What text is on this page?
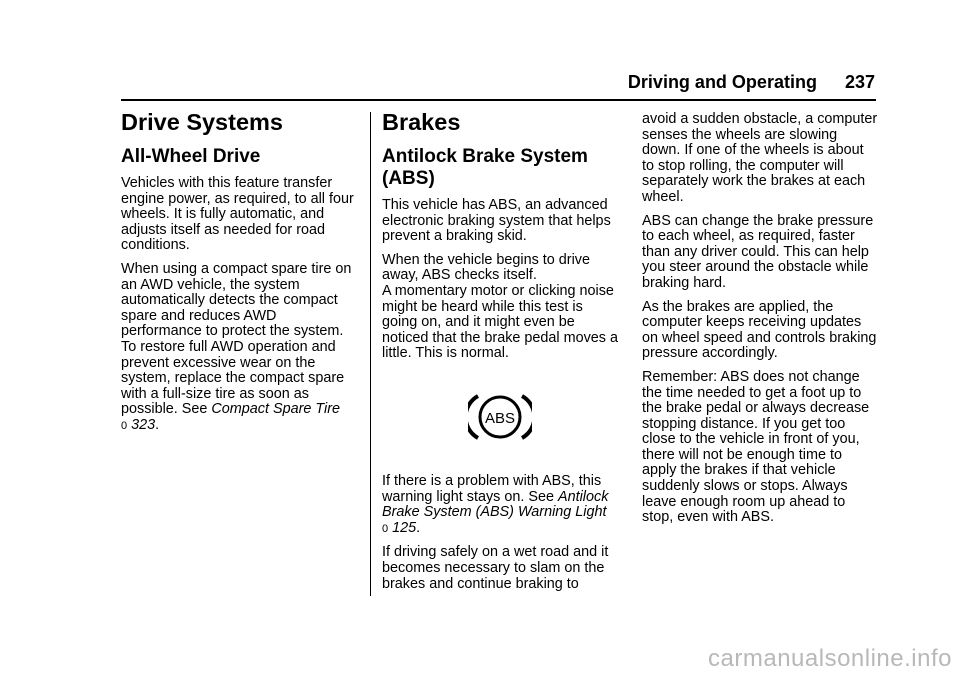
Driving and Operating 237
Drive Systems
All-Wheel Drive

Vehicles with this feature transfer engine power, as required, to all four wheels. It is fully automatic, and adjusts itself as needed for road conditions.

When using a compact spare tire on an AWD vehicle, the system automatically detects the compact spare and reduces AWD performance to protect the system. To restore full AWD operation and prevent excessive wear on the system, replace the compact spare with a full-size tire as soon as possible. See Compact Spare Tire
0 323.

Brakes
Antilock Brake System (ABS)

This vehicle has ABS, an advanced electronic braking system that helps prevent a braking skid.

When the vehicle begins to drive away, ABS checks itself.
A momentary motor or clicking noise might be heard while this test is going on, and it might even be noticed that the brake pedal moves a little. This is normal.

ABS

If there is a problem with ABS, this warning light stays on. See Antilock Brake System (ABS) Warning Light
0 125.

If driving safely on a wet road and it becomes necessary to slam on the brakes and continue braking to

avoid a sudden obstacle, a computer senses the wheels are slowing down. If one of the wheels is about to stop rolling, the computer will separately work the brakes at each wheel.

ABS can change the brake pressure to each wheel, as required, faster than any driver could. This can help you steer around the obstacle while braking hard.

As the brakes are applied, the computer keeps receiving updates on wheel speed and controls braking pressure accordingly.

Remember: ABS does not change the time needed to get a foot up to the brake pedal or always decrease stopping distance. If you get too close to the vehicle in front of you, there will not be enough time to apply the brakes if that vehicle suddenly slows or stops. Always leave enough room up ahead to stop, even with ABS.

carmanualsonline.info
